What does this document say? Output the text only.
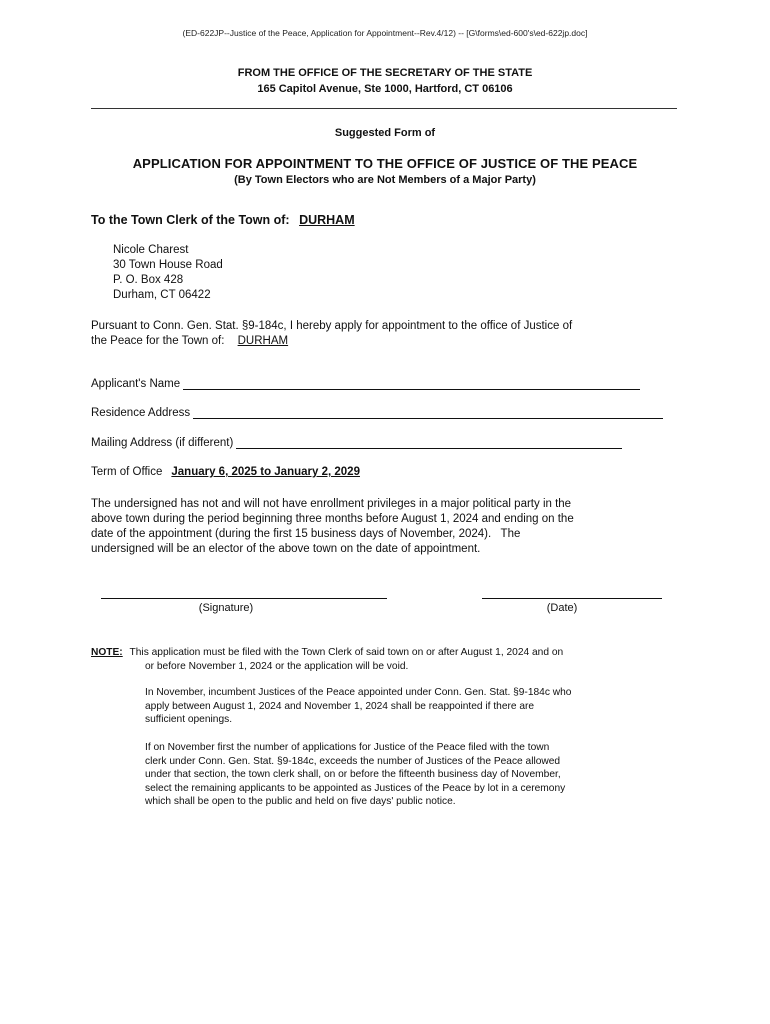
(ED-622JP--Justice of the Peace, Application for Appointment--Rev.4/12) -- [G\forms\ed-600's\ed-622jp.doc]
FROM THE OFFICE OF THE SECRETARY OF THE STATE
165 Capitol Avenue, Ste 1000, Hartford, CT 06106
Suggested Form of
APPLICATION FOR APPOINTMENT TO THE OFFICE OF JUSTICE OF THE PEACE
(By Town Electors who are Not Members of a Major Party)
To the Town Clerk of the Town of: DURHAM
Nicole Charest
30 Town House Road
P. O. Box 428
Durham, CT 06422
Pursuant to Conn. Gen. Stat. §9-184c, I hereby apply for appointment to the office of Justice of
the Peace for the Town of: DURHAM
Applicant's Name
Residence Address
Mailing Address (if different)
Term of Office January 6, 2025 to January 2, 2029
The undersigned has not and will not have enrollment privileges in a major political party in the
above town during the period beginning three months before August 1, 2024 and ending on the
date of the appointment (during the first 15 business days of November, 2024).   The
undersigned will be an elector of the above town on the date of appointment.
(Signature)	(Date)
NOTE: This application must be filed with the Town Clerk of said town on or after August 1, 2024 and on
or before November 1, 2024 or the application will be void.
In November, incumbent Justices of the Peace appointed under Conn. Gen. Stat. §9-184c who
apply between August 1, 2024 and November 1, 2024 shall be reappointed if there are
sufficient openings.
If on November first the number of applications for Justice of the Peace filed with the town
clerk under Conn. Gen. Stat. §9-184c, exceeds the number of Justices of the Peace allowed
under that section, the town clerk shall, on or before the fifteenth business day of November,
select the remaining applicants to be appointed as Justices of the Peace by lot in a ceremony
which shall be open to the public and held on five days' public notice.
